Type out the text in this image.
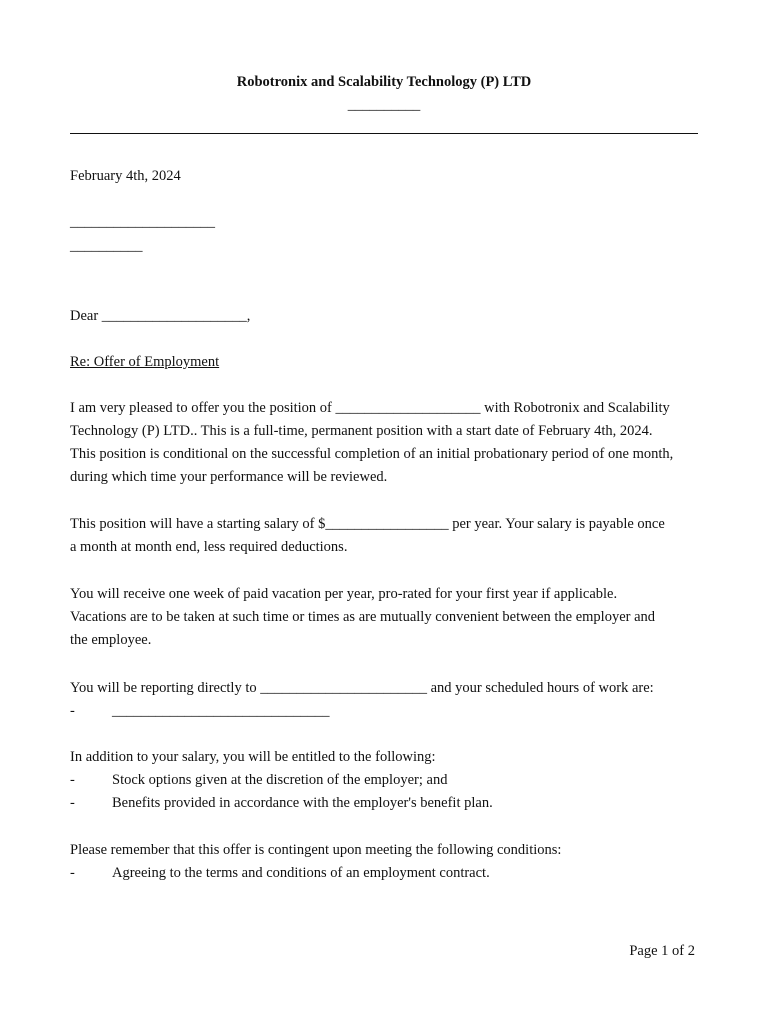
Robotronix and Scalability Technology (P) LTD
__________
February 4th, 2024
____________________
__________
Dear ____________________,
Re: Offer of Employment
I am very pleased to offer you the position of ____________________ with Robotronix and Scalability
Technology (P) LTD.. This is a full-time, permanent position with a start date of February 4th, 2024.
This position is conditional on the successful completion of an initial probationary period of one month,
during which time your performance will be reviewed.
This position will have a starting salary of $_________________ per year. Your salary is payable once
a month at month end, less required deductions.
You will receive one week of paid vacation per year, pro-rated for your first year if applicable.
Vacations are to be taken at such time or times as are mutually convenient between the employer and
the employee.
You will be reporting directly to _______________________ and your scheduled hours of work are:
-	______________________________
In addition to your salary, you will be entitled to the following:
-	Stock options given at the discretion of the employer; and
-	Benefits provided in accordance with the employer's benefit plan.
Please remember that this offer is contingent upon meeting the following conditions:
-	Agreeing to the terms and conditions of an employment contract.
Page 1 of 2
